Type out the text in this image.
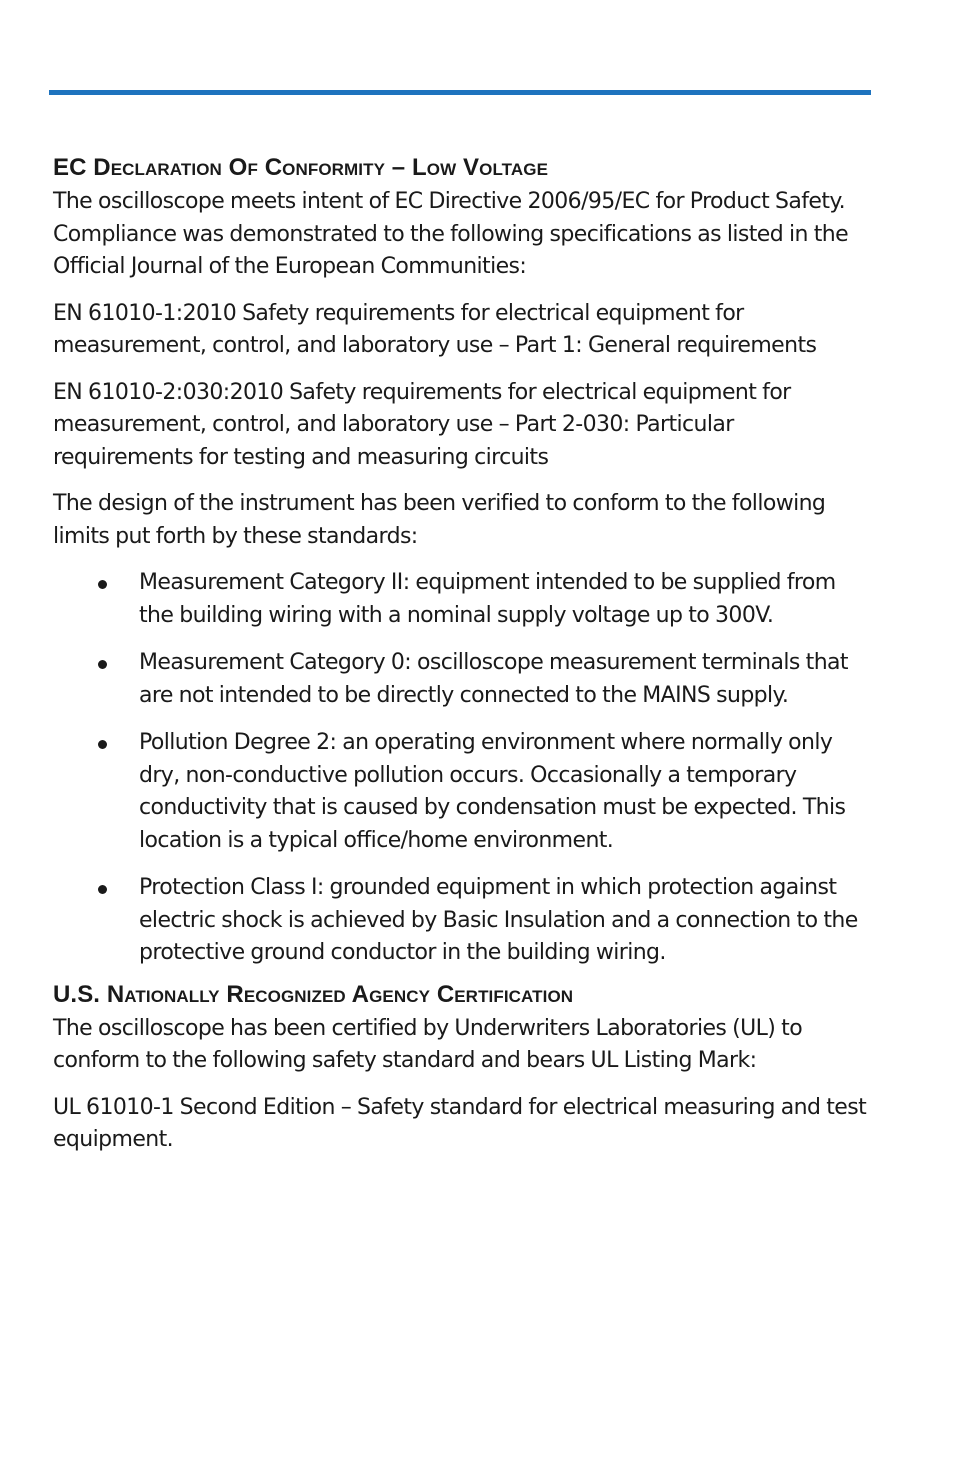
EC Declaration Of Conformity – Low Voltage

The oscilloscope meets intent of EC Directive 2006/95/EC for Product Safety. Compliance was demonstrated to the following specifications as listed in the Official Journal of the European Communities:

EN 61010-1:2010 Safety requirements for electrical equipment for measurement, control, and laboratory use – Part 1: General requirements

EN 61010-2:030:2010 Safety requirements for electrical equipment for measurement, control, and laboratory use – Part 2-030: Particular requirements for testing and measuring circuits

The design of the instrument has been verified to conform to the following limits put forth by these standards:

Measurement Category II: equipment intended to be supplied from the building wiring with a nominal supply voltage up to 300V.
Measurement Category 0: oscilloscope measurement terminals that are not intended to be directly connected to the MAINS supply.
Pollution Degree 2: an operating environment where normally only dry, non-conductive pollution occurs. Occasionally a temporary conductivity that is caused by condensation must be expected. This location is a typical office/home environment.
Protection Class I: grounded equipment in which protection against electric shock is achieved by Basic Insulation and a connection to the protective ground conductor in the building wiring.
U.S. Nationally Recognized Agency Certification

The oscilloscope has been certified by Underwriters Laboratories (UL) to conform to the following safety standard and bears UL Listing Mark:

UL 61010-1 Second Edition – Safety standard for electrical measuring and test equipment.
